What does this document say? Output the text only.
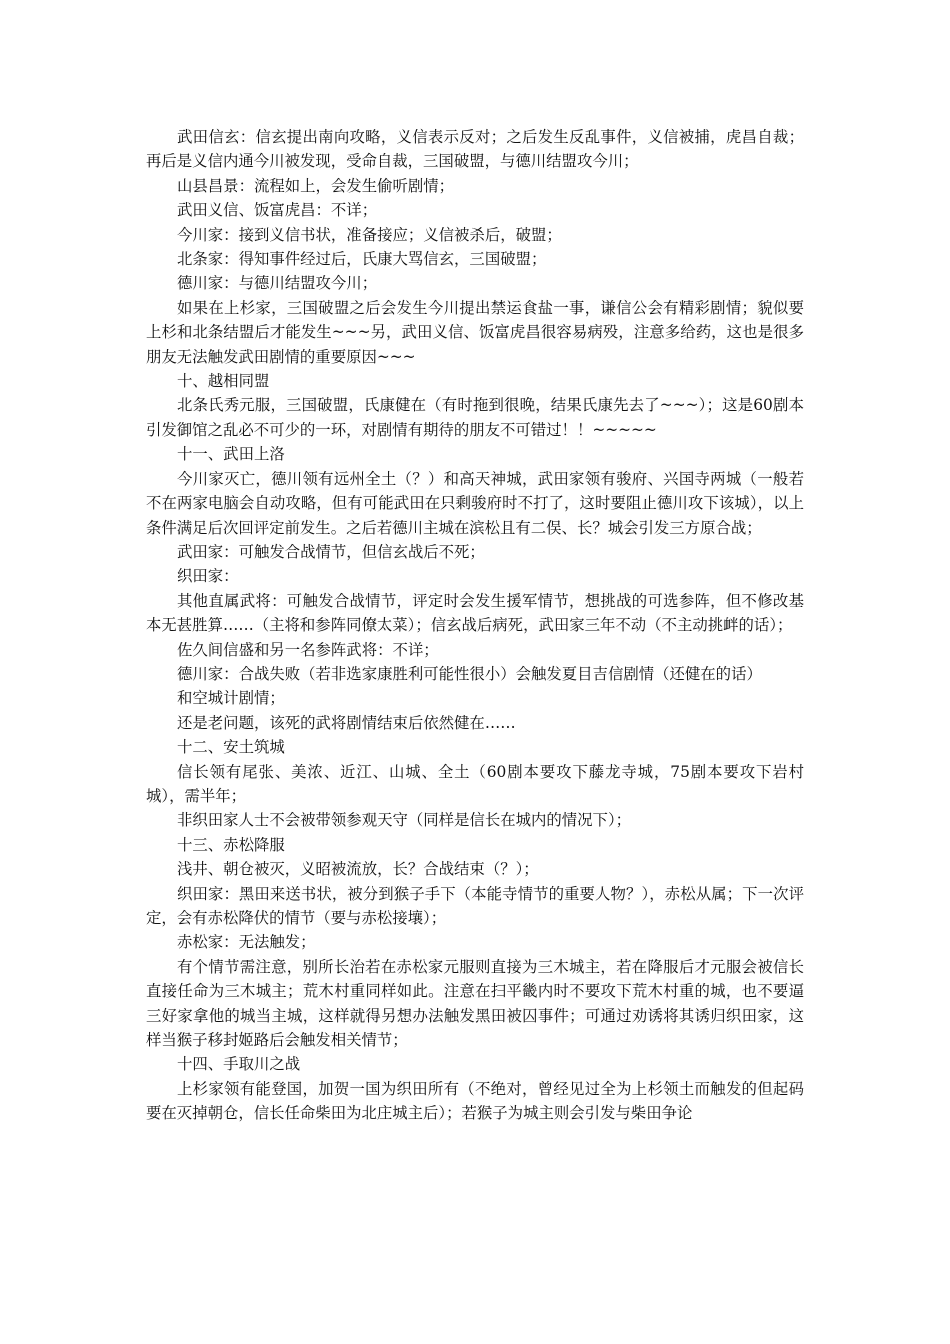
武田信玄：信玄提出南向攻略，义信表示反对；之后发生反乱事件，义信被捕，虎昌自裁；再后是义信内通今川被发现，受命自裁，三国破盟，与德川结盟攻今川；

山县昌景：流程如上，会发生偷听剧情；

武田义信、饭富虎昌：不详；

今川家：接到义信书状，准备接应；义信被杀后，破盟；

北条家：得知事件经过后，氏康大骂信玄，三国破盟；

德川家：与德川结盟攻今川；

如果在上杉家，三国破盟之后会发生今川提出禁运食盐一事，谦信公会有精彩剧情；貌似要上杉和北条结盟后才能发生~~~另，武田义信、饭富虎昌很容易病殁，注意多给药，这也是很多朋友无法触发武田剧情的重要原因~~~

十、越相同盟

北条氏秀元服，三国破盟，氏康健在（有时拖到很晚，结果氏康先去了~~~）；这是60剧本引发御馆之乱必不可少的一环，对剧情有期待的朋友不可错过！！~~~~~

十一、武田上洛

今川家灭亡，德川领有远州全土（？）和高天神城，武田家领有骏府、兴国寺两城（一般若不在两家电脑会自动攻略，但有可能武田在只剩骏府时不打了，这时要阻止德川攻下该城），以上条件满足后次回评定前发生。之后若德川主城在滨松且有二俣、长？城会引发三方原合战；

武田家：可触发合战情节，但信玄战后不死；

织田家：

其他直属武将：可触发合战情节，评定时会发生援军情节，想挑战的可选参阵，但不修改基本无甚胜算……（主将和参阵同僚太菜）；信玄战后病死，武田家三年不动（不主动挑衅的话）；

佐久间信盛和另一名参阵武将：不详；

德川家：合战失败（若非选家康胜利可能性很小）会触发夏目吉信剧情（还健在的话）

和空城计剧情；

还是老问题，该死的武将剧情结束后依然健在……

十二、安土筑城

信长领有尾张、美浓、近江、山城、全土（60剧本要攻下藤龙寺城，75剧本要攻下岩村城），需半年；

非织田家人士不会被带领参观天守（同样是信长在城内的情况下）；

十三、赤松降服

浅井、朝仓被灭，义昭被流放，长？合战结束（？）；

织田家：黑田来送书状，被分到猴子手下（本能寺情节的重要人物？），赤松从属；下一次评定，会有赤松降伏的情节（要与赤松接壤）；

赤松家：无法触发；

有个情节需注意，别所长治若在赤松家元服则直接为三木城主，若在降服后才元服会被信长直接任命为三木城主；荒木村重同样如此。注意在扫平畿内时不要攻下荒木村重的城，也不要逼三好家拿他的城当主城，这样就得另想办法触发黑田被囚事件；可通过劝诱将其诱归织田家，这样当猴子移封姬路后会触发相关情节；

十四、手取川之战

上杉家领有能登国，加贺一国为织田所有（不绝对，曾经见过全为上杉领土而触发的但起码要在灭掉朝仓，信长任命柴田为北庄城主后）；若猴子为城主则会引发与柴田争论
